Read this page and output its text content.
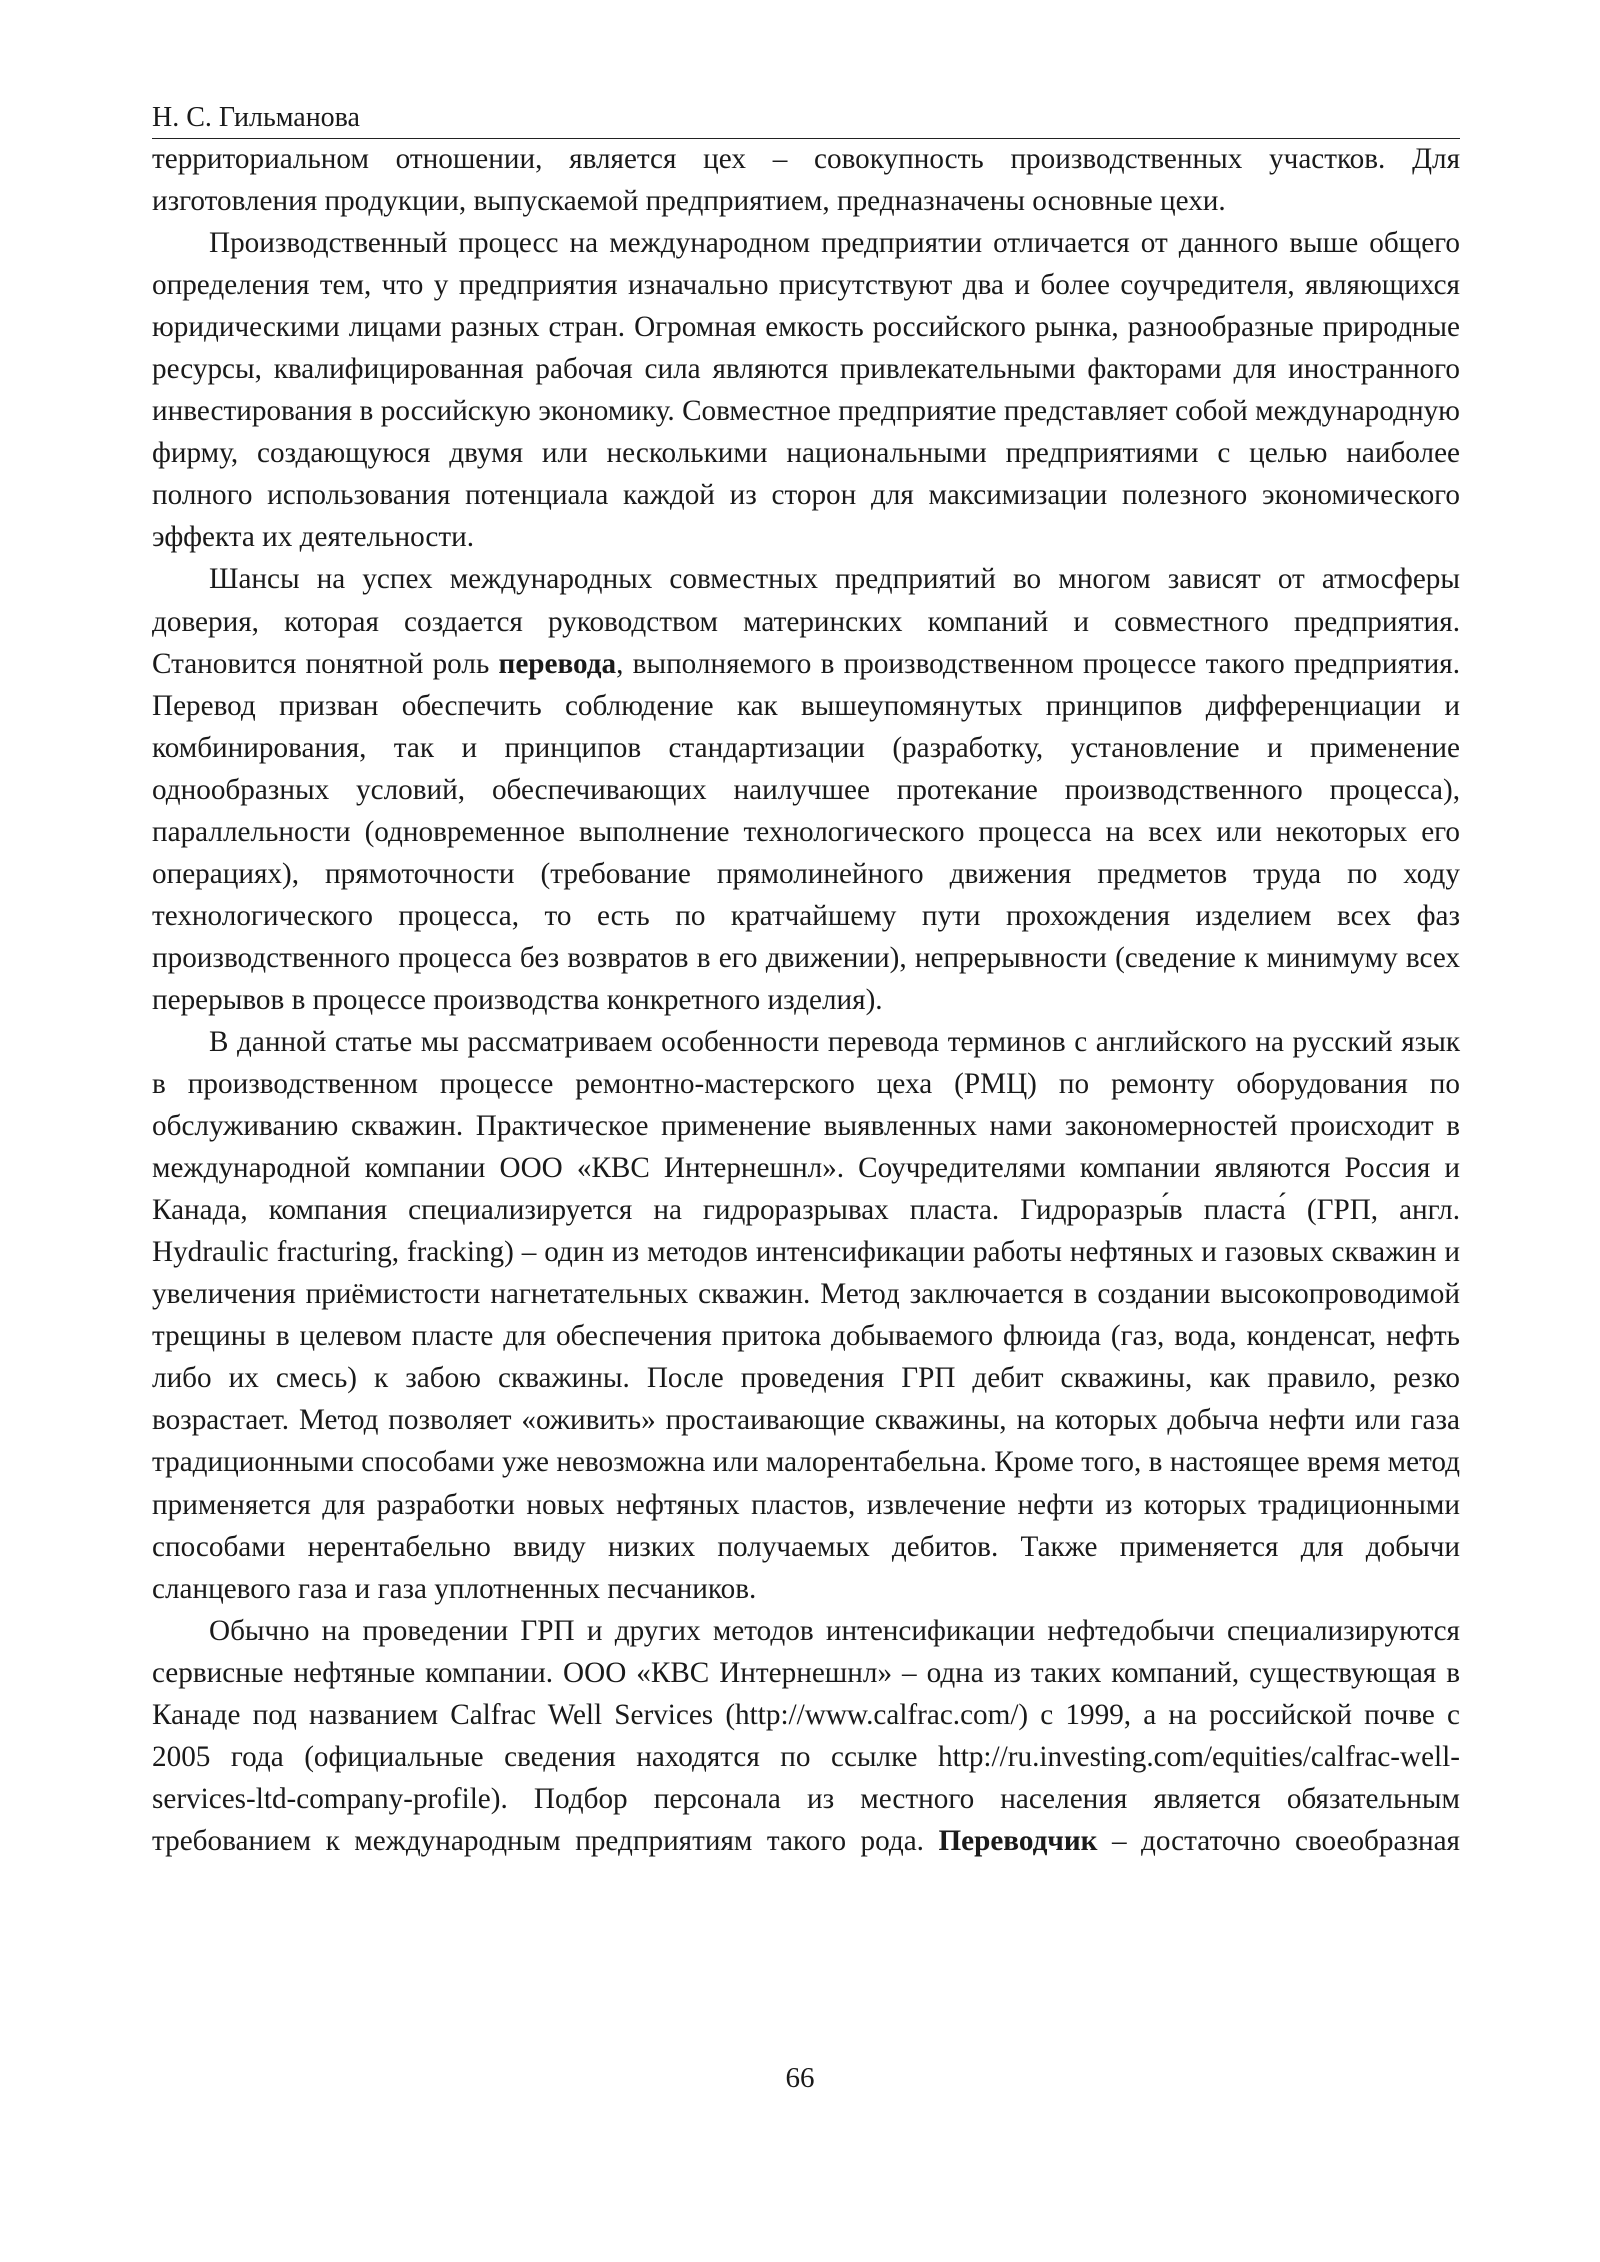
Н. С. Гильманова

территориальном отношении, является цех – совокупность производственных участков. Для изготовления продукции, выпускаемой предприятием, предназначены основные цехи.

Производственный процесс на международном предприятии отличается от данного выше общего определения тем, что у предприятия изначально присутствуют два и более соучредителя, являющихся юридическими лицами разных стран. Огромная емкость российского рынка, разнообразные природные ресурсы, квалифицированная рабочая сила являются привлекательными факторами для иностранного инвестирования в российскую экономику. Совместное предприятие представляет собой международную фирму, создающуюся двумя или несколькими национальными предприятиями с целью наиболее полного использования потенциала каждой из сторон для максимизации полезного экономического эффекта их деятельности.

Шансы на успех международных совместных предприятий во многом зависят от атмосферы доверия, которая создается руководством материнских компаний и совместного предприятия. Становится понятной роль перевода, выполняемого в производственном процессе такого предприятия. Перевод призван обеспечить соблюдение как вышеупомянутых принципов дифференциации и комбинирования, так и принципов стандартизации (разработку, установление и применение однообразных условий, обеспечивающих наилучшее протекание производственного процесса), параллельности (одновременное выполнение технологического процесса на всех или некоторых его операциях), прямоточности (требование прямолинейного движения предметов труда по ходу технологического процесса, то есть по кратчайшему пути прохождения изделием всех фаз производственного процесса без возвратов в его движении), непрерывности (сведение к минимуму всех перерывов в процессе производства конкретного изделия).

В данной статье мы рассматриваем особенности перевода терминов с английского на русский язык в производственном процессе ремонтно-мастерского цеха (РМЦ) по ремонту оборудования по обслуживанию скважин. Практическое применение выявленных нами закономерностей происходит в международной компании ООО «КВС Интернешнл». Соучредителями компании являются Россия и Канада, компания специализируется на гидроразрывах пласта. Гидроразры́в пласта́ (ГРП, англ. Hydraulic fracturing, fracking) – один из методов интенсификации работы нефтяных и газовых скважин и увеличения приёмистости нагнетательных скважин. Метод заключается в создании высокопроводимой трещины в целевом пласте для обеспечения притока добываемого флюида (газ, вода, конденсат, нефть либо их смесь) к забою скважины. После проведения ГРП дебит скважины, как правило, резко возрастает. Метод позволяет «оживить» простаивающие скважины, на которых добыча нефти или газа традиционными способами уже невозможна или малорентабельна. Кроме того, в настоящее время метод применяется для разработки новых нефтяных пластов, извлечение нефти из которых традиционными способами нерентабельно ввиду низких получаемых дебитов. Также применяется для добычи сланцевого газа и газа уплотненных песчаников.

Обычно на проведении ГРП и других методов интенсификации нефтедобычи специализируются сервисные нефтяные компании. ООО «КВС Интернешнл» – одна из таких компаний, существующая в Канаде под названием Calfrac Well Services (http://www.calfrac.com/) с 1999, а на российской почве с 2005 года (официальные сведения находятся по ссылке http://ru.investing.com/equities/calfrac-well-services-ltd-company-profile). Подбор персонала из местного населения является обязательным требованием к международным предприятиям такого рода. Переводчик – достаточно своеобразная

66
